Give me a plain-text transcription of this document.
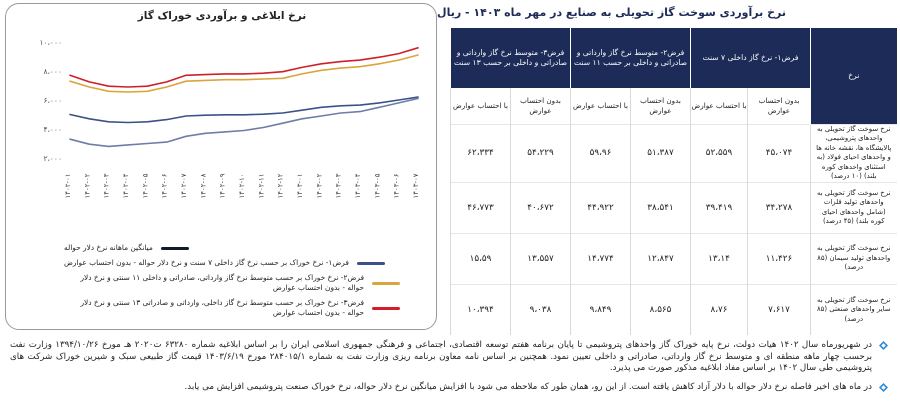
نرخ ابلاغی و برآوردی خوراک گاز
۱۰،۰۰۰
۸،۰۰۰
۶،۰۰۰
۴،۰۰۰
۲،۰۰۰
۱۴۰۲-۰۱ ۱۴۰۲-۰۲ ۱۴۰۲-۰۳ ۱۴۰۲-۰۴ ۱۴۰۲-۰۵ ۱۴۰۲-۰۶ ۱۴۰۲-۰۷ ۱۴۰۲-۰۸ ۱۴۰۲-۰۹ ۱۴۰۲-۱۰ ۱۴۰۲-۱۱ ۱۴۰۲-۱۲ ۱۴۰۳-۰۱ ۱۴۰۳-۰۲ ۱۴۰۳-۰۳ ۱۴۰۳-۰۴ ۱۴۰۳-۰۵ ۱۴۰۳-۰۶ ۱۴۰۳-۰۷
میانگین ماهانه نرخ دلار حواله
فرض۱- نرخ خوراک بر حسب نرخ گاز داخلی ۷ سنت و نرخ دلار حواله - بدون احتساب عوارض
فرض۲- نرخ خوراک بر حسب متوسط نرخ گاز وارداتی، صادراتی و داخلی ۱۱ سنتی و نرخ دلار حواله - بدون احتساب عوارض
فرض۳- نرخ خوراک بر حسب متوسط نرخ گاز داخلی، وارداتی و صادراتی ۱۳ سنتی و نرخ دلار حواله - بدون احتساب عوارض
نرخ برآوردی سوخت گاز تحویلی به صنایع در مهر ماه ۱۴۰۳ - ریال
نرخ	فرض۱- نرخ گاز داخلی ۷ سنت		فرض۲- متوسط نرخ گاز وارداتی و صادراتی و داخلی بر حسب ۱۱ سنت		فرض۳- متوسط نرخ گاز وارداتی و صادراتی و داخلی بر حسب ۱۳ سنت	
	بدون احتساب عوارض	با احتساب عوارض	بدون احتساب عوارض	با احتساب عوارض	بدون احتساب عوارض	با احتساب عوارض
نرخ سوخت گاز تحویلی به واحدهای پتروشیمی، پالایشگاه ها، نقشه خانه ها و واحدهای احیای فولاد (به استثنای واحدهای کوره بلند) (۱۰ درصد)	۴۵،۰۷۴	۵۲،۵۵۹	۵۱،۳۸۷	۵۹،۹۶	۵۴،۲۲۹	۶۲،۳۳۴
نرخ سوخت گاز تحویلی به واحدهای تولید فلزات (شامل واحدهای احیای کوره بلند) (۴۵ درصد)	۳۴،۲۷۸	۳۹،۴۱۹	۳۸،۵۴۱	۴۴،۹۲۲	۴۰،۶۷۲	۴۶،۷۷۳
نرخ سوخت گاز تحویلی به واحدهای تولید سیمان (۸۵ درصد)	۱۱،۴۲۶	۱۳،۱۴	۱۲،۸۴۷	۱۴،۷۷۴	۱۳،۵۵۷	۱۵،۵۹
نرخ سوخت گاز تحویلی به سایر واحدهای صنعتی (۸۵ درصد)	۷،۶۱۷	۸،۷۶	۸،۵۶۵	۹،۸۴۹	۹،۰۳۸	۱۰،۳۹۴
در شهریورماه سال ۱۴۰۲ هیات دولت، نرخ پایه خوراک گاز واحدهای پتروشیمی تا پایان برنامه هفتم توسعه اقتصادی، اجتماعی و فرهنگی جمهوری اسلامی ایران را بر اساس ابلاغیه شماره ۶۳۲۸۰ ت۲۰۲۰ هـ مورخ ۱۳۹۴/۱۰/۲۶ وزارت نفت برحسب چهار ماهه منطقه ای و متوسط نرخ گاز وارداتی، صادراتی و داخلی تعیین نمود. همچنین بر اساس نامه معاون برنامه ریزی وزارت نفت به شماره ۲۸۴۰۱۵/۱ مورخ ۱۴۰۳/۶/۱۹ قیمت گاز طبیعی سبک و شیرین خوراک شرکت های پتروشیمی طی سال ۱۴۰۲ بر اساس مفاد ابلاغیه مذکور صورت می پذیرد.
در ماه های اخیر فاصله نرخ دلار حواله با دلار آزاد کاهش یافته است. از این رو، همان طور که ملاحظه می شود با افزایش میانگین نرخ دلار حواله، نرخ خوراک صنعت پتروشیمی افزایش می یابد.
